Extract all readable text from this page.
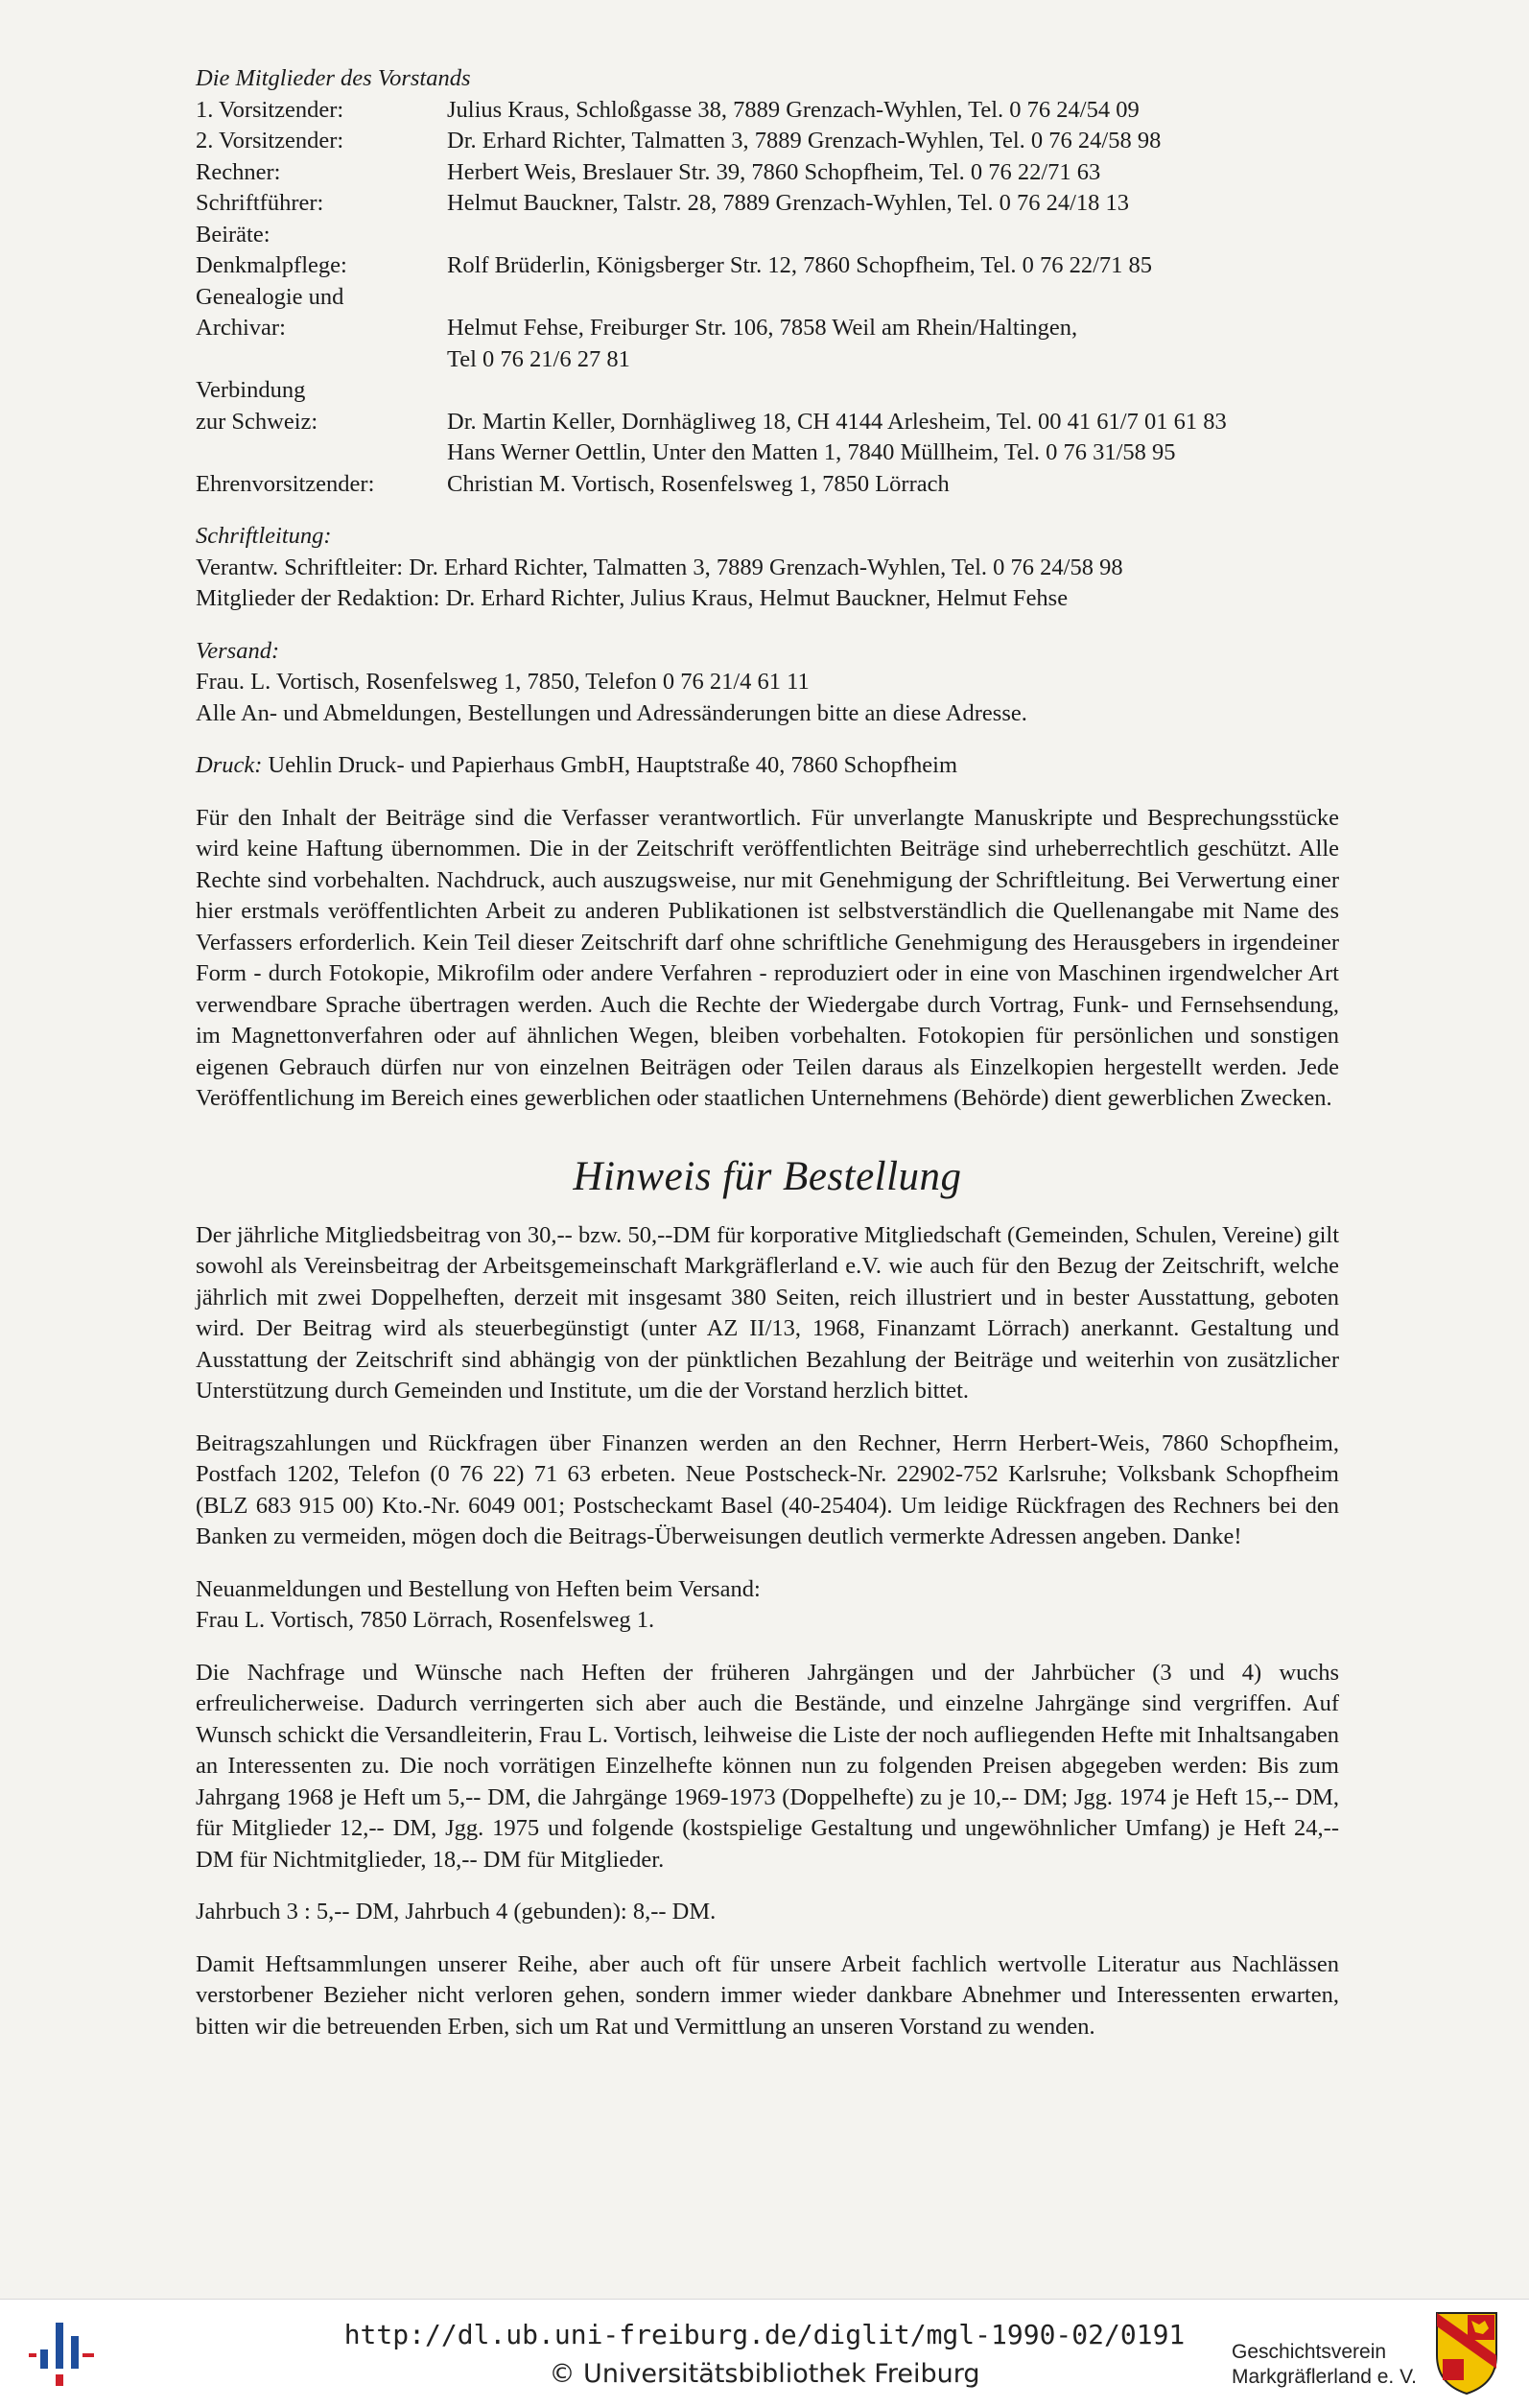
Die Mitglieder des Vorstands

1. Vorsitzender:	Julius Kraus, Schloßgasse 38, 7889 Grenzach-Wyhlen, Tel. 0 76 24/54 09
2. Vorsitzender:	Dr. Erhard Richter, Talmatten 3, 7889 Grenzach-Wyhlen, Tel. 0 76 24/58 98
Rechner:	Herbert Weis, Breslauer Str. 39, 7860 Schopfheim, Tel. 0 76 22/71 63
Schriftführer:	Helmut Bauckner, Talstr. 28, 7889 Grenzach-Wyhlen, Tel. 0 76 24/18 13
Beiräte:
Denkmalpflege:	Rolf Brüderlin, Königsberger Str. 12, 7860 Schopfheim, Tel. 0 76 22/71 85
Genealogie und
Archivar:	Helmut Fehse, Freiburger Str. 106, 7858 Weil am Rhein/Haltingen,
Tel 0 76 21/6 27 81
Verbindung
zur Schweiz:	Dr. Martin Keller, Dornhägliweg 18, CH 4144 Arlesheim, Tel. 00 41 61/7 01 61 83
Hans Werner Oettlin, Unter den Matten 1, 7840 Müllheim, Tel. 0 76 31/58 95
Ehrenvorsitzender:	Christian M. Vortisch, Rosenfelsweg 1, 7850 Lörrach

Schriftleitung:

Verantw. Schriftleiter: Dr. Erhard Richter, Talmatten 3, 7889 Grenzach-Wyhlen, Tel. 0 76 24/58 98
Mitglieder der Redaktion: Dr. Erhard Richter, Julius Kraus, Helmut Bauckner, Helmut Fehse

Versand:

Frau. L. Vortisch, Rosenfelsweg 1, 7850, Telefon 0 76 21/4 61 11
Alle An- und Abmeldungen, Bestellungen und Adressänderungen bitte an diese Adresse.
Druck: Uehlin Druck- und Papierhaus GmbH, Hauptstraße 40, 7860 Schopfheim

Für den Inhalt der Beiträge sind die Verfasser verantwortlich. Für unverlangte Manuskripte und Besprechungsstücke wird keine Haftung übernommen. Die in der Zeitschrift veröffentlichten Beiträge sind urheberrechtlich geschützt. Alle Rechte sind vorbehalten. Nachdruck, auch auszugsweise, nur mit Genehmigung der Schriftleitung. Bei Verwertung einer hier erstmals veröffentlichten Arbeit zu anderen Publikationen ist selbstverständlich die Quellenangabe mit Name des Verfassers erforderlich. Kein Teil dieser Zeitschrift darf ohne schriftliche Genehmigung des Herausgebers in irgendeiner Form - durch Fotokopie, Mikrofilm oder andere Verfahren - reproduziert oder in eine von Maschinen irgendwelcher Art verwendbare Sprache übertragen werden. Auch die Rechte der Wiedergabe durch Vortrag, Funk- und Fernsehsendung, im Magnettonverfahren oder auf ähnlichen Wegen, bleiben vorbehalten. Fotokopien für persönlichen und sonstigen eigenen Gebrauch dürfen nur von einzelnen Beiträgen oder Teilen daraus als Einzelkopien hergestellt werden. Jede Veröffentlichung im Bereich eines gewerblichen oder staatlichen Unternehmens (Behörde) dient gewerblichen Zwecken.

Hinweis für Bestellung

Der jährliche Mitgliedsbeitrag von 30,-- bzw. 50,--DM für korporative Mitgliedschaft (Gemeinden, Schulen, Vereine) gilt sowohl als Vereinsbeitrag der Arbeitsgemeinschaft Markgräflerland e.V. wie auch für den Bezug der Zeitschrift, welche jährlich mit zwei Doppelheften, derzeit mit insgesamt 380 Seiten, reich illustriert und in bester Ausstattung, geboten wird. Der Beitrag wird als steuerbegünstigt (unter AZ II/13, 1968, Finanzamt Lörrach) anerkannt. Gestaltung und Ausstattung der Zeitschrift sind abhängig von der pünktlichen Bezahlung der Beiträge und weiterhin von zusätzlicher Unterstützung durch Gemeinden und Institute, um die der Vorstand herzlich bittet.

Beitragszahlungen und Rückfragen über Finanzen werden an den Rechner, Herrn Herbert-Weis, 7860 Schopfheim, Postfach 1202, Telefon (0 76 22) 71 63 erbeten. Neue Postscheck-Nr. 22902-752 Karlsruhe; Volksbank Schopfheim (BLZ 683 915 00) Kto.-Nr. 6049 001; Postscheckamt Basel (40-25404). Um leidige Rückfragen des Rechners bei den Banken zu vermeiden, mögen doch die Beitrags-Überweisungen deutlich vermerkte Adressen angeben. Danke!

Neuanmeldungen und Bestellung von Heften beim Versand:
Frau L. Vortisch, 7850 Lörrach, Rosenfelsweg 1.

Die Nachfrage und Wünsche nach Heften der früheren Jahrgängen und der Jahrbücher (3 und 4) wuchs erfreulicherweise. Dadurch verringerten sich aber auch die Bestände, und einzelne Jahrgänge sind vergriffen. Auf Wunsch schickt die Versandleiterin, Frau L. Vortisch, leihweise die Liste der noch aufliegenden Hefte mit Inhaltsangaben an Interessenten zu. Die noch vorrätigen Einzelhefte können nun zu folgenden Preisen abgegeben werden: Bis zum Jahrgang 1968 je Heft um 5,-- DM, die Jahrgänge 1969-1973 (Doppelhefte) zu je 10,-- DM; Jgg. 1974 je Heft 15,-- DM, für Mitglieder 12,-- DM, Jgg. 1975 und folgende (kostspielige Gestaltung und ungewöhnlicher Umfang) je Heft 24,-- DM für Nichtmitglieder, 18,-- DM für Mitglieder.

Jahrbuch 3 : 5,-- DM, Jahrbuch 4 (gebunden): 8,-- DM.

Damit Heftsammlungen unserer Reihe, aber auch oft für unsere Arbeit fachlich wertvolle Literatur aus Nachlässen verstorbener Bezieher nicht verloren gehen, sondern immer wieder dankbare Abnehmer und Interessenten erwarten, bitten wir die betreuenden Erben, sich um Rat und Vermittlung an unseren Vorstand zu wenden.

http://dl.ub.uni-freiburg.de/diglit/mgl-1990-02/0191
© Universitätsbibliothek Freiburg
Geschichtsverein
Markgräflerland e. V.
